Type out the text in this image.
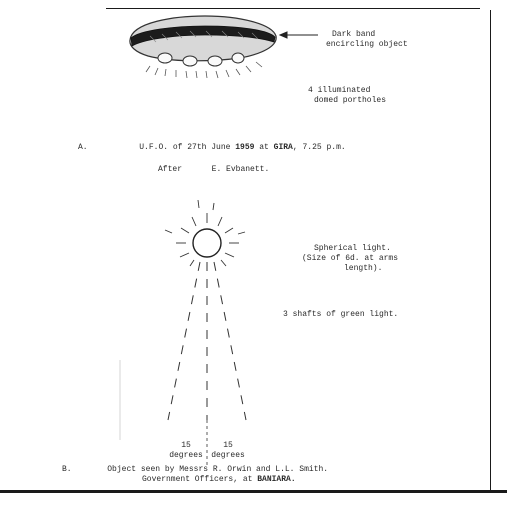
Dark band
encircling object
4 illuminated
domed portholes
A.	U.F.O. of 27th June 1959 at GIRA, 7.25 p.m.
After	E. Evbanett.
Spherical light.
(Size of 6d. at arms
length).
3 shafts of green light.
15
degrees
15
degrees
B.	Object seen by Messrs R. Orwin and L.L. Smith.
Government Officers, at BANIARA.
